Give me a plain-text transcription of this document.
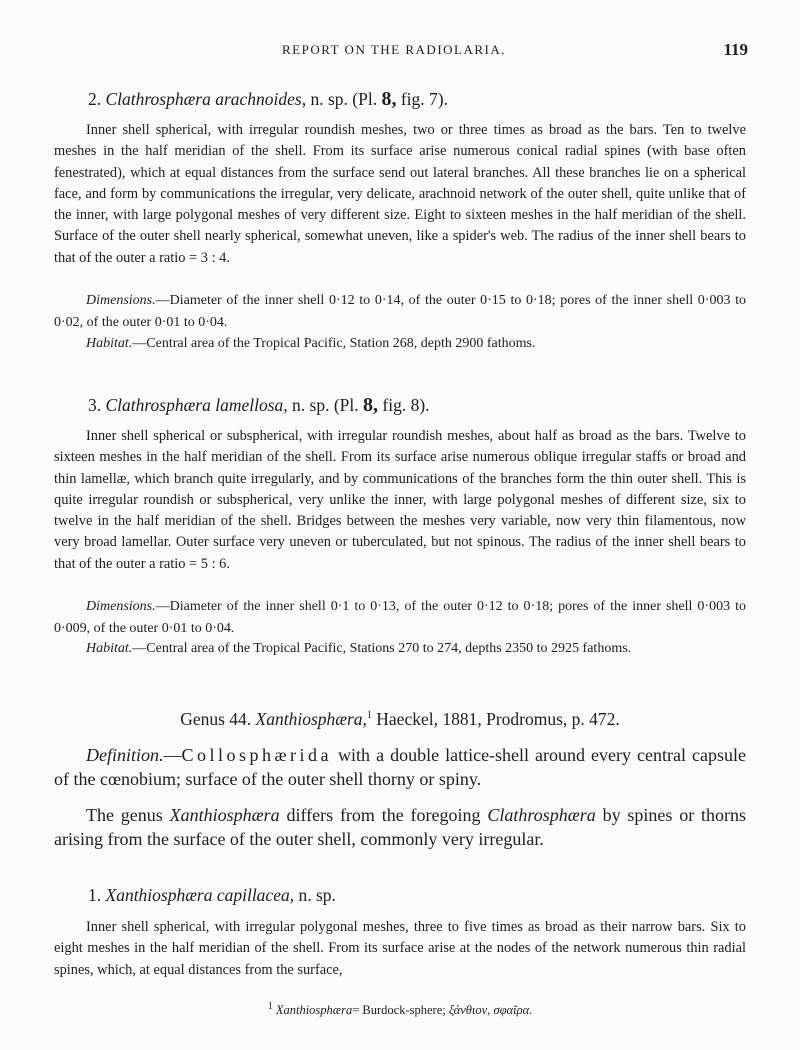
REPORT ON THE RADIOLARIA.	119
2. Clathrosphæra arachnoides, n. sp. (Pl. 8, fig. 7).

Inner shell spherical, with irregular roundish meshes, two or three times as broad as the bars. Ten to twelve meshes in the half meridian of the shell. From its surface arise numerous conical radial spines (with base often fenestrated), which at equal distances from the surface send out lateral branches. All these branches lie on a spherical face, and form by communications the irregular, very delicate, arachnoid network of the outer shell, quite unlike that of the inner, with large polygonal meshes of very different size. Eight to sixteen meshes in the half meridian of the shell. Surface of the outer shell nearly spherical, somewhat uneven, like a spider's web. The radius of the inner shell bears to that of the outer a ratio = 3 : 4.

Dimensions.—Diameter of the inner shell 0·12 to 0·14, of the outer 0·15 to 0·18; pores of the inner shell 0·003 to 0·02, of the outer 0·01 to 0·04.

Habitat.—Central area of the Tropical Pacific, Station 268, depth 2900 fathoms.

3. Clathrosphæra lamellosa, n. sp. (Pl. 8, fig. 8).

Inner shell spherical or subspherical, with irregular roundish meshes, about half as broad as the bars. Twelve to sixteen meshes in the half meridian of the shell. From its surface arise numerous oblique irregular staffs or broad and thin lamellæ, which branch quite irregularly, and by communications of the branches form the thin outer shell. This is quite irregular roundish or subspherical, very unlike the inner, with large polygonal meshes of different size, six to twelve in the half meridian of the shell. Bridges between the meshes very variable, now very thin filamentous, now very broad lamellar. Outer surface very uneven or tuberculated, but not spinous. The radius of the inner shell bears to that of the outer a ratio = 5 : 6.

Dimensions.—Diameter of the inner shell 0·1 to 0·13, of the outer 0·12 to 0·18; pores of the inner shell 0·003 to 0·009, of the outer 0·01 to 0·04.

Habitat.—Central area of the Tropical Pacific, Stations 270 to 274, depths 2350 to 2925 fathoms.

Genus 44. Xanthiosphæra,$^1$ Haeckel, 1881, Prodromus, p. 472.

Definition.—Collosphærida with a double lattice-shell around every central capsule of the cœnobium; surface of the outer shell thorny or spiny.

The genus Xanthiosphæra differs from the foregoing Clathrosphæra by spines or thorns arising from the surface of the outer shell, commonly very irregular.

1. Xanthiosphæra capillacea, n. sp.

Inner shell spherical, with irregular polygonal meshes, three to five times as broad as their narrow bars. Six to eight meshes in the half meridian of the shell. From its surface arise at the nodes of the network numerous thin radial spines, which, at equal distances from the surface,

$^1$ Xanthiosphæra= Burdock-sphere; ξάνθιον, σφαῖρα.
